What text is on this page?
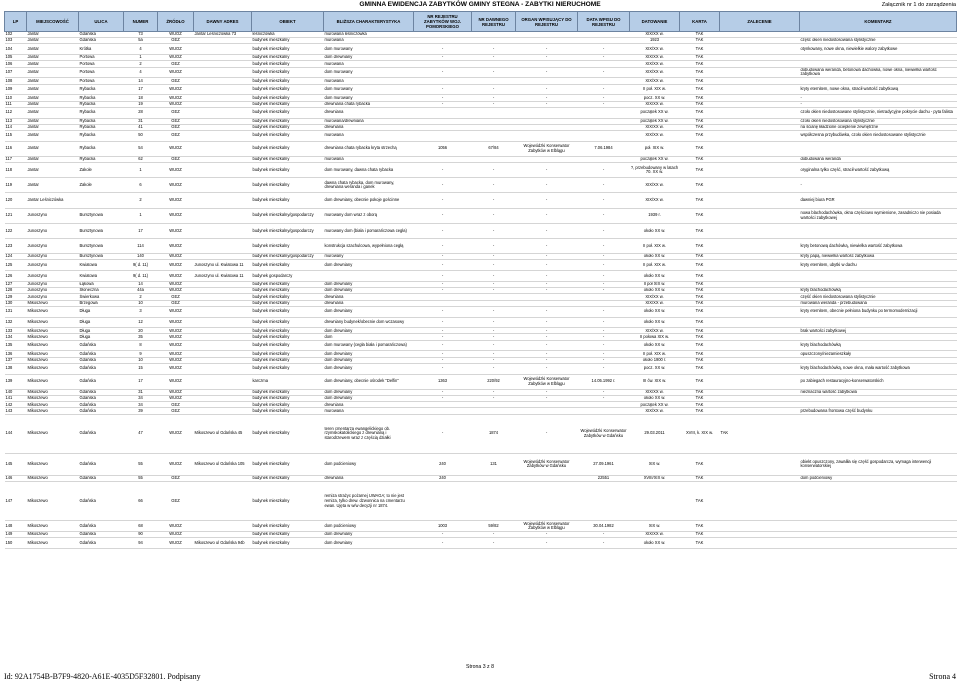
GMINNA EWIDENCJA ZABYTKÓW GMINY STEGNA - ZABYTKI NIERUCHOME	Załącznik nr 1 do zarządzenia
LP	MIEJSCOWOŚĆ	ULICA	NUMER	ŹRÓDŁO	DAWNY ADRES	OBIEKT	BLIŻSZA CHARAKTERYSTYKA	NR REJESTRU ZABYTKÓW WOJ. POMORSKIEGO	NR DAWNEGO REJESTRU	ORGAN WPISUJĄCY DO REJESTRU	DATA WPISU DO REJESTRU	DATOWANIE	KARTA	ZALECENIE	KOMENTARZ	
102	Jantar	Gdańska	73	WUOZ	Jantar Leśniczówka 73	leśniczówka	murowana leśniczówka					XIX/XX w.	TAK			
103	Jantar	Gdańska	5a	GEZ		budynek mieszkalny	murowana					1923	TAK		część okien niedostosowana stylistycznie	
104	Jantar	Krótka	4	WUOZ		budynek mieszkalny	dom murowany	-	-	-	-	XIX/XX w.	TAK		otynkowany, nowe okna, niewielkie walory zabytkowe	
105	Jantar	Portowa	1	WUOZ		budynek mieszkalny	dom drewniany	-	-	-	-	XIX/XX w.	TAK			
106	Jantar	Portowa	2	GEZ		budynek mieszkalny	murowana					XIX/XX w.	TAK			
107	Jantar	Portowa	4	WUOZ		budynek mieszkalny	dom murowany	-	-	-	-	XIX/XX w.	TAK		dobudowana weranda, betonowa dachówka, nowe okna, niewielka wartość zabytkowa	
108	Jantar	Portowa	14	GEZ		budynek mieszkalny	murowana					XIX/XX w.	TAK			
109	Jantar	Rybacka	17	WUOZ		budynek mieszkalny	dom murowany	-	-	-	-	II poł. XIX w.	TAK		kryty eternitem, nowe okna, stracił wartość zabytkową	
110	Jantar	Rybacka	18	WUOZ		budynek mieszkalny	dom murowany	-	-	-	-	pocz. XX w.	TAK		-	
111	Jantar	Rybacka	19	WUOZ		budynek mieszkalny	drewniana chata rybacka	-	-	-	-	XIX/XX w.	TAK		-	
112	Jantar	Rybacka	28	GEZ		budynek mieszkalny	drewniana					początek XX w.	TAK		czoło okien niedostosowane stylistycznie, nietradycyjne pokrycie dachu - pyta falista	
113	Jantar	Rybacka	31	GEZ		budynek mieszkalny	murowana/drewniana					początek XX w.	TAK		czoło okien niedostosowana stylistycznie	
114	Jantar	Rybacka	41	GEZ		budynek mieszkalny	drewniana					XIX/XX w.	TAK		na ścianę kładzione ocieplenie zewnętrzne	
115	Jantar	Rybacka	50	GEZ		budynek mieszkalny	murowana					XIX/XX w.	TAK		współczesna przybudówka, czoło okien niedostosowane stylistycznie	
116	Jantar	Rybacka	54	WUOZ		budynek mieszkalny	drewniana chata rybacka kryta strzechą	1056	67/84	Wojewódzki Konserwator Zabytków w Elblągu	7.06.1984	poł. XIX w.	TAK			
117	Jantar	Rybacka	62	GEZ		budynek mieszkalny	murowana					początek XX w.	TAK		dobudowana weranda	
118	Jantar	Zakole	1	WUOZ		budynek mieszkalny	dom murowany, dawna chata rybacka	-	-	-	-	?, przebudowany w latach 70. XX w.	TAK		oryginalna tylko część, stracił wartość zabytkową	
119	Jantar	Zakole	6	WUOZ		budynek mieszkalny	dawna chata rybacka, dom murowany, drewniana weranda i ganek	-	-	-	-	XIX/XX w.	TAK		-	
120	Jantar Leśniczówka		2	WUOZ		budynek mieszkalny	dom drewniany, obecnie pokoje gościnne	-	-	-	-	XIX/XX w.	TAK		dawniej biura PGR	
121	Junoszyno	Bursztynowa	1	WUOZ		budynek mieszkalny/gospodarczy	murowany dom wraz z oborą	-	-	-	-	1939 r.	TAK		nowa blachodachówka, okna częściowo wymienione, zasadniczo nie posiada wartości zabytkowej	
122	Junoszyno	Bursztynowa	17	WUOZ		budynek mieszkalny/gospodarczy	murowany dom (biała i pomarańczowa cegła)	-	-	-	-	około XX w.	TAK			
123	Junoszyno	Bursztynowa	114	WUOZ		budynek mieszkalny	konstrukcja szachulcowa, wypełniona cegłą	-	-	-	-	II poł. XIX w.	TAK		kryty betonową dachówką, niewielka wartość zabytkowa	
124	Junoszyno	Bursztynowa	140	WUOZ		budynek mieszkalny/gospodarczy	murowany	-	-	-	-	około XX w.	TAK		kryty papą, niewielka wartość zabytkowa	
125	Junoszyno	Kwiatowa	9( d. 11)	WUOZ	Junoszyno ul. Kwiatowa 11	budynek mieszkalny	dom drewniany	-	-	-	-	II poł. XIX w.	TAK		kryty eternitem, ubytki w dachu	
126	Junoszyno	Kwiatowa	9( d. 11)	WUOZ	Junoszyno ul. Kwiatowa 11	budynek gospodarczy		-	-	-	-	około XX w.	TAK			
127	Junoszyno	Łąkowa	14	WUOZ		budynek mieszkalny	dom drewniany	-	-	-	-	II poł XIX w.	TAK			
128	Junoszyno	Słoneczna	44a	WUOZ		budynek mieszkalny	dom drewniany	-	-	-	-	około XX w.	TAK		kryty blachodachówką	
129	Junoszyno	Świerkowa	2	GEZ		budynek mieszkalny	drewniana					XIX/XX w.	TAK		część okien niedostosowana stylistycznie	
130	Mikoszewo	Brzegowa	10	GEZ		budynek mieszkalny	drewniana					XIX/XX w.	TAK		murowana weranda - przebudowana	
131	Mikoszewo	Długa	3	WUOZ		budynek mieszkalny	dom drewniany	-	-	-	-	około XX w.	TAK		kryty eternitem, obecnie pełniona budynku po termomodernizacji	
132	Mikoszewo	Długa	12	WUOZ		budynek mieszkalny	drewniany budynek/obecnie dom wczasowy	-	-	-	-	około XX w.	TAK			
133	Mikoszewo	Długa	20	WUOZ		budynek mieszkalny	dom drewniany	-	-	-	-	XIX/XX w.	TAK		brak wartości zabytkowej	
134	Mikoszewo	Długa	35	WUOZ		budynek mieszkalny	dom	-	-	-	-	II połowa XIX w.	TAK			
135	Mikoszewo	Gdańska	8	WUOZ		budynek mieszkalny	dom murowany (cegła biała i pomarańczowa)	-	-	-	-	około XX w.	TAK		kryty blachodachówką	
136	Mikoszewo	Gdańska	9	WUOZ		budynek mieszkalny	dom drewniany	-	-	-	-	II poł. XIX w.	TAK		opuszczony/niezamieszkały	
137	Mikoszewo	Gdańska	10	WUOZ		budynek mieszkalny	dom drewniany	-	-	-	-	około 1900 r.	TAK			
138	Mikoszewo	Gdańska	15	WUOZ		budynek mieszkalny	dom drewniany	-	-	-	-	pocz. XX w.	TAK		kryty blachodachówką, nowe okna, mała wartość zabytkowa	
139	Mikoszewo	Gdańska	17	WUOZ		karczma	dom drewniany, obecnie ośrodek "Delfin"	1363	220/92	Wojewódzki Konserwator Zabytków w Elblągu	14.05.1992 r.	III ćw. XIX w.	TAK		po zabiegach restauracyjno-konserwatorskich	
140	Mikoszewo	Gdańska	31	WUOZ		budynek mieszkalny	dom drewniany	-	-	-	-	XIX/XX w.	TAK		nieznaczna wartość zabytkowa	
141	Mikoszewo	Gdańska	34	WUOZ		budynek mieszkalny	dom drewniany	-	-	-	-	około XX w.	TAK			
142	Mikoszewo	Gdańska	34	GEZ		budynek mieszkalny	drewniana					początek XX w.	TAK			
143	Mikoszewo	Gdańska	39	GEZ		budynek mieszkalny	murowana					XIX/XX w.	TAK		przebudowana frontowa część budynku	
144	Mikoszewo	Gdańska	47	WUOZ	Mikoszewo ul Gdańska 45	budynek mieszkalny	teren cmentarza ewangelickiego ob. rzymskokatolickiego z drewnianą i starodrzewem wraz z częścią działki	-	1874	-	Wojewódzki Konserwator Zabytków w Gdańsku	29.03.2011	XVIII, k. XIX w.	TAK		
145	Mikoszewo	Gdańska	55	WUOZ	Mikoszewo ul Gdańska 105	budynek mieszkalny	dom podcieniowy	240	131	Wojewódzki Konserwator Zabytków w Gdańsku	27.09.1961	XIX w.	TAK		obiekt opuszczony, zawaliła się część gospodarcza, wymaga interwencji konserwatorskiej	
146	Mikoszewo	Gdańska	55	GEZ		budynek mieszkalny	drewniana	240			22551	XVIII/XIX w.	TAK		dom podcieniowy	
147	Mikoszewo	Gdańska	66	GEZ		budynek mieszkalny	remiza strażyc pożarnej UWAGA; to nie jest remiza, tylko drew. dzwonnica na cmentarzu ewan. Ujęta w w/w decyzji nr 1874.						TAK			
148	Mikoszewo	Gdańska	68	WUOZ		budynek mieszkalny	dom podcieniowy	1003	59/82	Wojewódzki Konserwator Zabytków w Elblągu	30.04.1982	XIX w.	TAK			
149	Mikoszewo	Gdańska	90	WUOZ		budynek mieszkalny	dom drewniany	-	-	-	-	XIX/XX w.	TAK			
150	Mikoszewo	Gdańska	94	WUOZ	Mikoszewo ul Gdańska 94b	budynek mieszkalny	dom drewniany	-	-	-	-	około XX w.	TAK			
Strona 3 z 8
Id: 92A1754B-B7F9-4820-A61E-4035D5F32801. Podpisany	Strona 4
